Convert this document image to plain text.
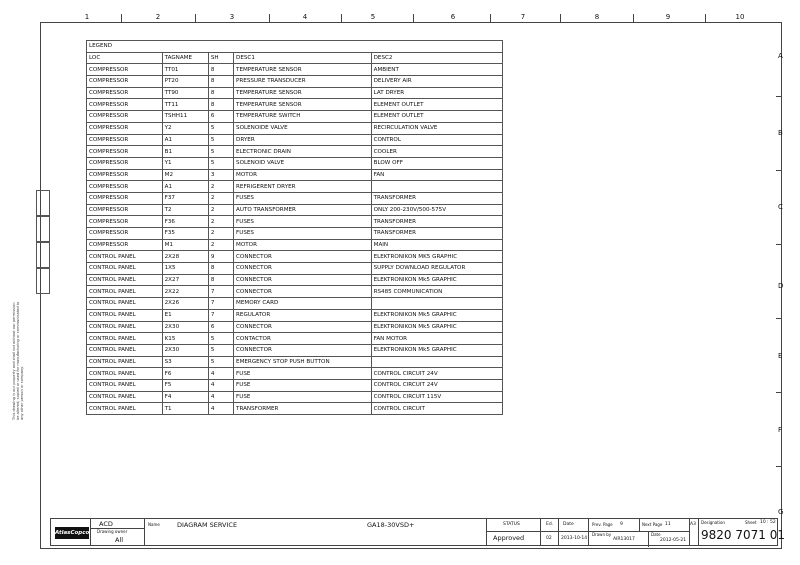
1	2	3	4	5	6	7	8	9	10
A
B
C
D
E
F
G
This drawing is our property and shall not without our permission be altered, copied or used for manufacturing or communicated to any other person or company.
LEGEND				
LOC	TAGNAME	SH	DESC1	DESC2
COMPRESSOR	TT01	8	TEMPERATURE SENSOR	AMBIENT
COMPRESSOR	PT20	8	PRESSURE TRANSDUCER	DELIVERY AIR
COMPRESSOR	TT90	8	TEMPERATURE SENSOR	LAT DRYER
COMPRESSOR	TT11	8	TEMPERATURE SENSOR	ELEMENT OUTLET
COMPRESSOR	TSHH11	6	TEMPERATURE SWITCH	ELEMENT OUTLET
COMPRESSOR	Y2	5	SOLENOIDE VALVE	RECIRCULATION VALVE
COMPRESSOR	A1	5	DRYER	CONTROL
COMPRESSOR	B1	5	ELECTRONIC DRAIN	COOLER
COMPRESSOR	Y1	5	SOLENOID VALVE	BLOW OFF
COMPRESSOR	M2	3	MOTOR	FAN
COMPRESSOR	A1	2	REFRIGERENT DRYER	
COMPRESSOR	F37	2	FUSES	TRANSFORMER
COMPRESSOR	T2	2	AUTO TRANSFORMER	ONLY 200-230V/500-575V
COMPRESSOR	F36	2	FUSES	TRANSFORMER
COMPRESSOR	F35	2	FUSES	TRANSFORMER
COMPRESSOR	M1	2	MOTOR	MAIN
CONTROL PANEL	2X28	9	CONNECTOR	ELEKTRONIKON MK5 GRAPHIC
CONTROL PANEL	1X5	8	CONNECTOR	SUPPLY DOWNLOAD REGULATOR
CONTROL PANEL	2X27	8	CONNECTOR	ELEKTRONIKON Mk5 GRAPHIC
CONTROL PANEL	2X22	7	CONNECTOR	RS485 COMMUNICATION
CONTROL PANEL	2X26	7	MEMORY CARD	
CONTROL PANEL	E1	7	REGULATOR	ELEKTRONIKON Mk5 GRAPHIC
CONTROL PANEL	2X30	6	CONNECTOR	ELEKTRONIKON Mk5 GRAPHIC
CONTROL PANEL	K15	5	CONTACTOR	FAN MOTOR
CONTROL PANEL	2X30	5	CONNECTOR	ELEKTRONIKON Mk5 GRAPHIC
CONTROL PANEL	S3	5	EMERGENCY STOP PUSH BUTTON	
CONTROL PANEL	F6	4	FUSE	CONTROL CIRCUIT 24V
CONTROL PANEL	F5	4	FUSE	CONTROL CIRCUIT 24V
CONTROL PANEL	F4	4	FUSE	CONTROL CIRCUIT 115V
CONTROL PANEL	T1	4	TRANSFORMER	CONTROL CIRCUIT
AtlasCopco
ACD
Drawing owner
All
Name	DIAGRAM SERVICE	GA18-30VSD+	STATUS
Approved
Ed.
02
Date
2013-10-14
Prev. Page 9	Next Page 11
Drawn by
AIR13017
Date
2012-05-21
A3 Designation	Sheet 10 : 52
9820 7071 01
